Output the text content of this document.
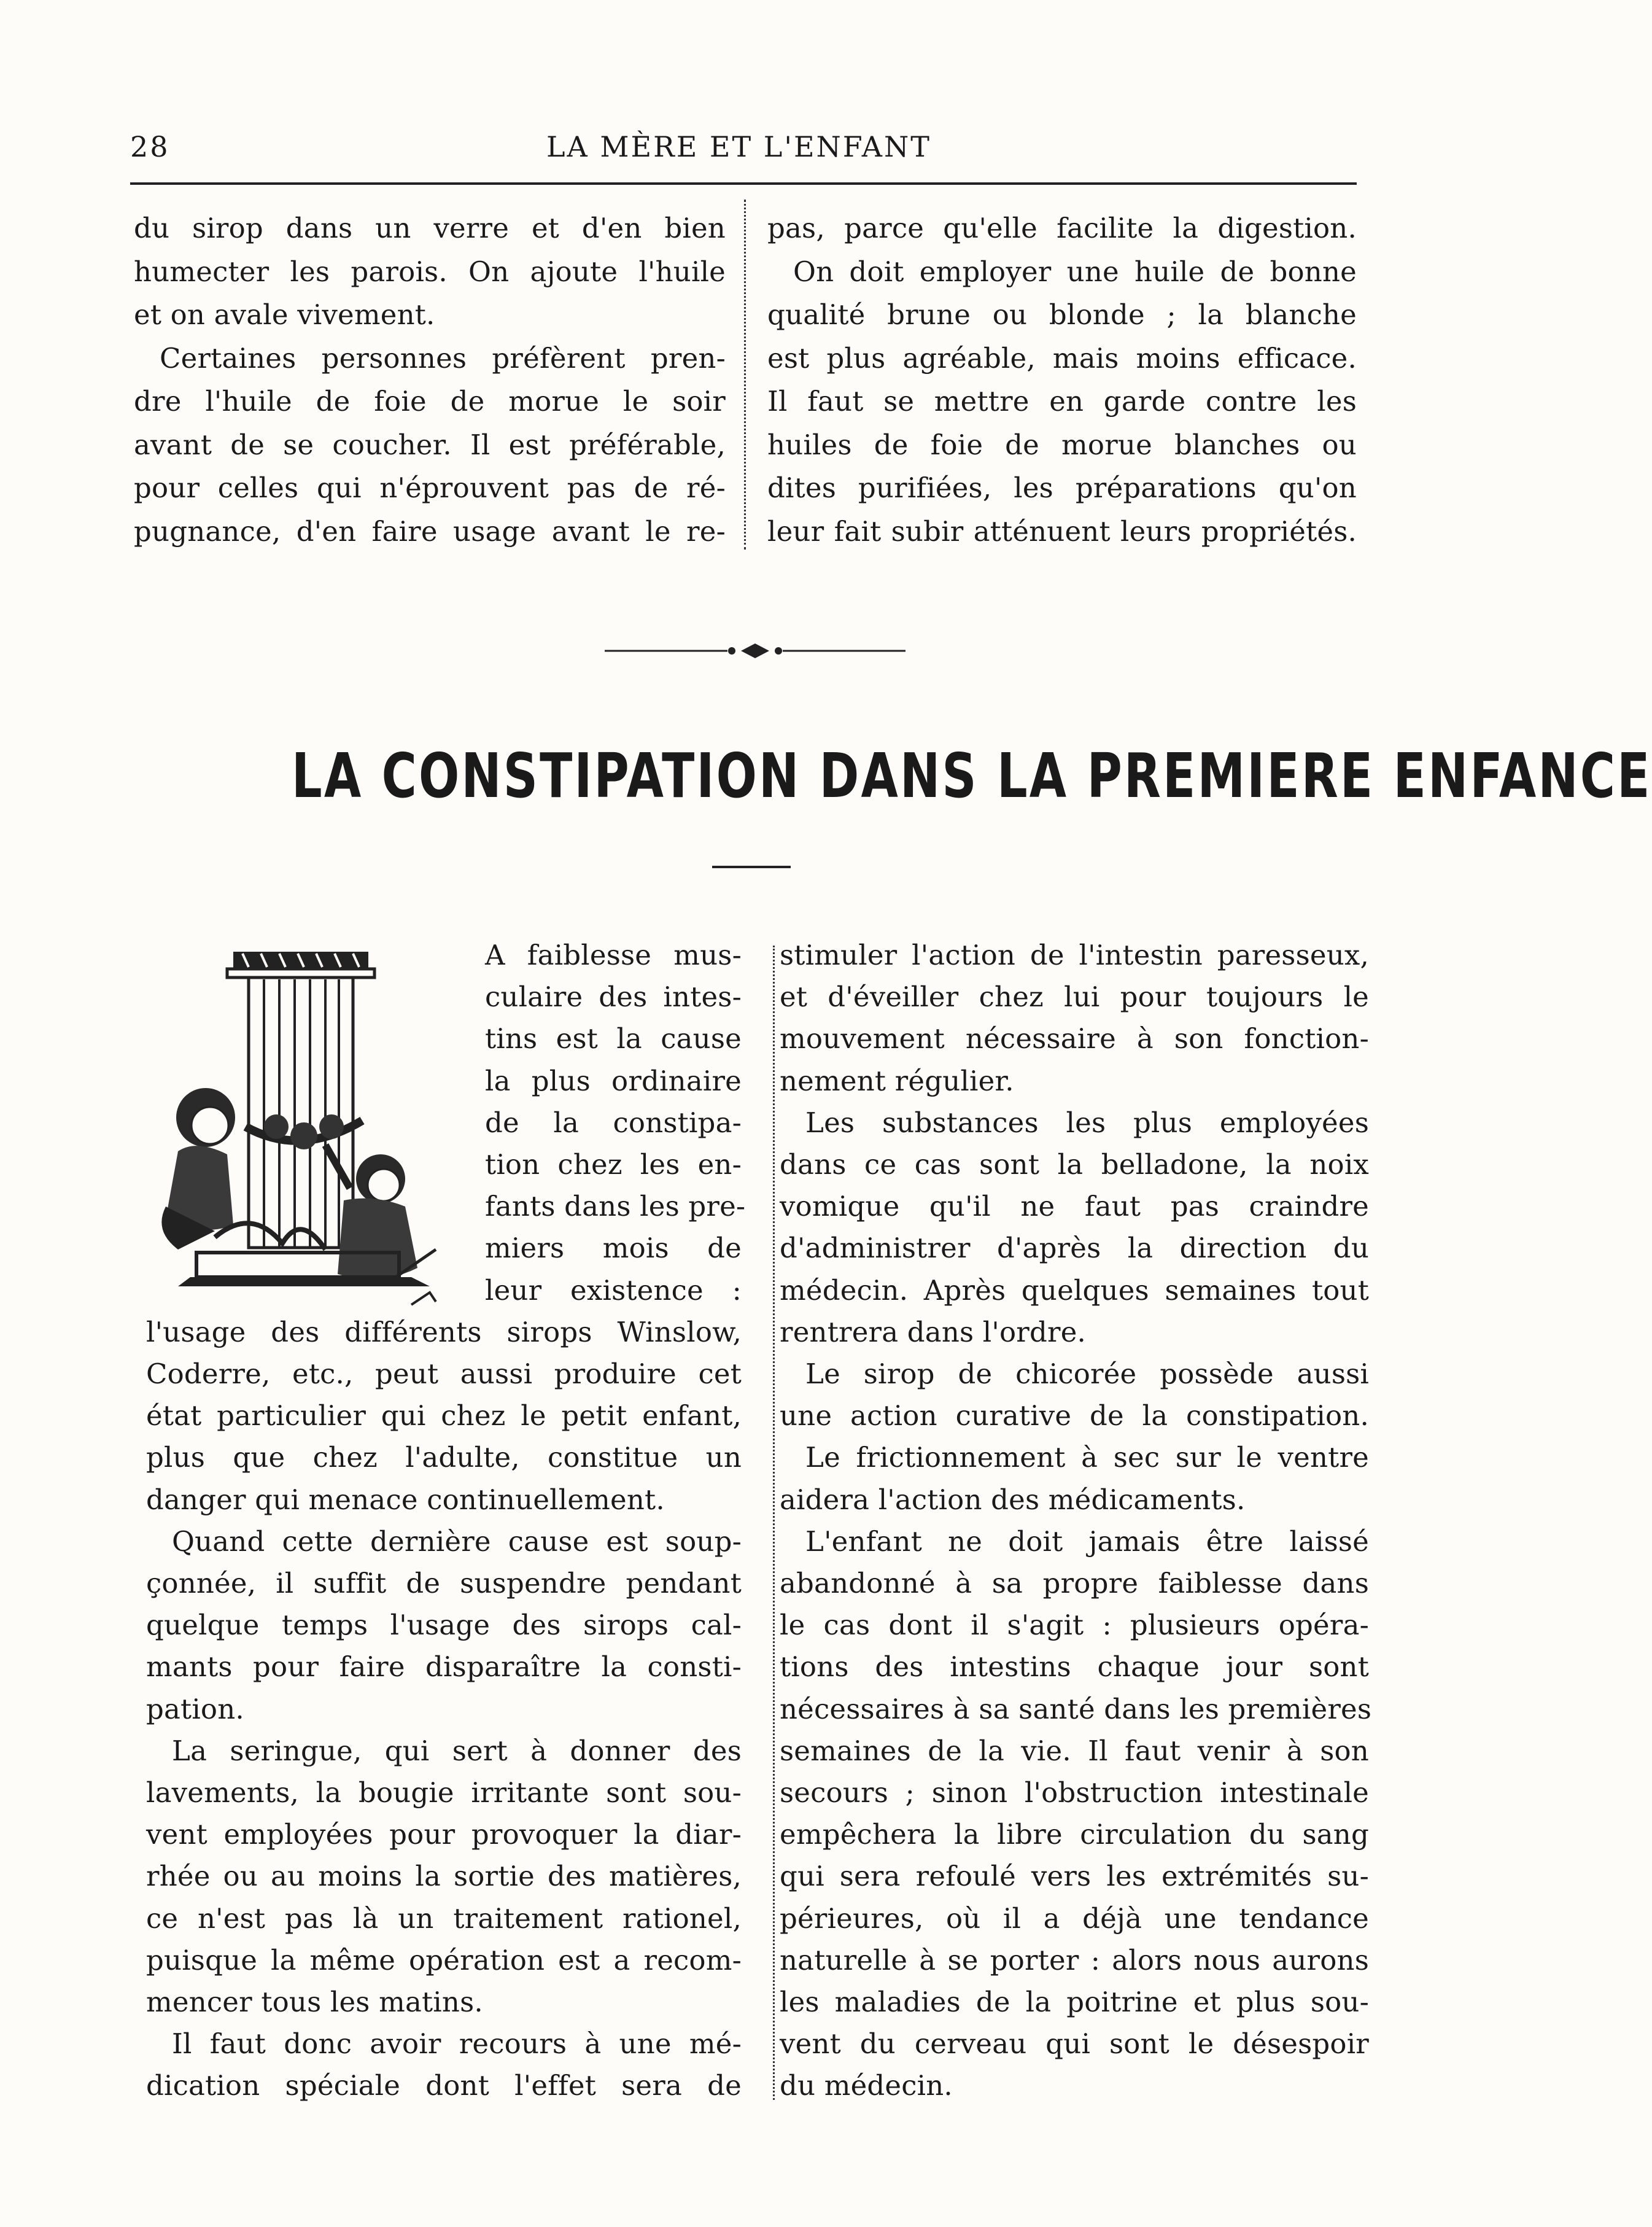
28	LA MÈRE ET L'ENFANT
du sirop dans un verre et d'en bien
humecter les parois. On ajoute l'huile
et on avale vivement.
Certaines personnes préfèrent pren-
dre l'huile de foie de morue le soir
avant de se coucher. Il est préférable,
pour celles qui n'éprouvent pas de ré-
pugnance, d'en faire usage avant le re-
pas, parce qu'elle facilite la digestion.
On doit employer une huile de bonne
qualité brune ou blonde ; la blanche
est plus agréable, mais moins efficace.
Il faut se mettre en garde contre les
huiles de foie de morue blanches ou
dites purifiées, les préparations qu'on
leur fait subir atténuent leurs propriétés.
LA CONSTIPATION DANS LA PREMIERE ENFANCE
A faiblesse mus-
culaire des intes-
tins est la cause
la plus ordinaire
de la constipa-
tion chez les en-
fants dans les pre-
miers mois de
leur existence :
l'usage des différents sirops Winslow,
Coderre, etc., peut aussi produire cet
état particulier qui chez le petit enfant,
plus que chez l'adulte, constitue un
danger qui menace continuellement.
Quand cette dernière cause est soup-
çonnée, il suffit de suspendre pendant
quelque temps l'usage des sirops cal-
mants pour faire disparaître la consti-
pation.
La seringue, qui sert à donner des
lavements, la bougie irritante sont sou-
vent employées pour provoquer la diar-
rhée ou au moins la sortie des matières,
ce n'est pas là un traitement rationel,
puisque la même opération est a recom-
mencer tous les matins.
Il faut donc avoir recours à une mé-
dication spéciale dont l'effet sera de
stimuler l'action de l'intestin paresseux,
et d'éveiller chez lui pour toujours le
mouvement nécessaire à son fonction-
nement régulier.
Les substances les plus employées
dans ce cas sont la belladone, la noix
vomique qu'il ne faut pas craindre
d'administrer d'après la direction du
médecin. Après quelques semaines tout
rentrera dans l'ordre.
Le sirop de chicorée possède aussi
une action curative de la constipation.
Le frictionnement à sec sur le ventre
aidera l'action des médicaments.
L'enfant ne doit jamais être laissé
abandonné à sa propre faiblesse dans
le cas dont il s'agit : plusieurs opéra-
tions des intestins chaque jour sont
nécessaires à sa santé dans les premières
semaines de la vie. Il faut venir à son
secours ; sinon l'obstruction intestinale
empêchera la libre circulation du sang
qui sera refoulé vers les extrémités su-
périeures, où il a déjà une tendance
naturelle à se porter : alors nous aurons
les maladies de la poitrine et plus sou-
vent du cerveau qui sont le désespoir
du médecin.
